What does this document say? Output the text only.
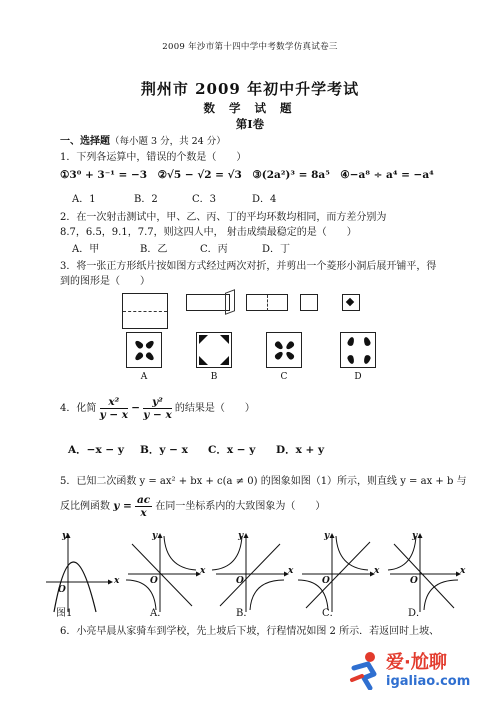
2009 年沙市第十四中学中考数学仿真试卷三
荆州市 2009 年初中升学考试
数 学 试 题
第Ⅰ卷
一、选择题（每小题 3 分，共 24 分）
1．下列各运算中，错误的个数是（　　）
①3⁰ + 3⁻¹ = −3　②√5 − √2 = √3　③(2a²)³ = 8a⁵　④−a⁸ ÷ a⁴ = −a⁴
A．1	B．2	C．3	D．4
2．在一次射击测试中，甲、乙、丙、丁的平均环数均相同，而方差分别为
8.7，6.5，9.1，7.7，则这四人中， 射击成绩最稳定的是（　　）
A．甲	B．乙	C．丙	D．丁
3．将一张正方形纸片按如图方式经过两次对折，并剪出一个菱形小洞后展开铺平，得
到的图形是（　　）
A	B	C	D
4．化简 $\frac{\text{x²}}{y - x} - \frac{\text{y²}}{y - x}$ 的结果是（　　）
A．−x − y B．y − x C．x − y D．x + y
5．已知二次函数 y = ax² + bx + c(a ≠ 0) 的图象如图（1）所示，则直线 y = ax + b 与
反比例函数 $y = \frac{ac}{x}$ 在同一坐标系内的大致图象为（　　）
y
x
O
y
x
O
y
x
O
y
x
O
y
x
O
图1	A．	B．	C．	D．
6．小亮早晨从家骑车到学校，先上坡后下坡，行程情况如图 2 所示．若返回时上坡、
爱·尬聊
igaliao.com
